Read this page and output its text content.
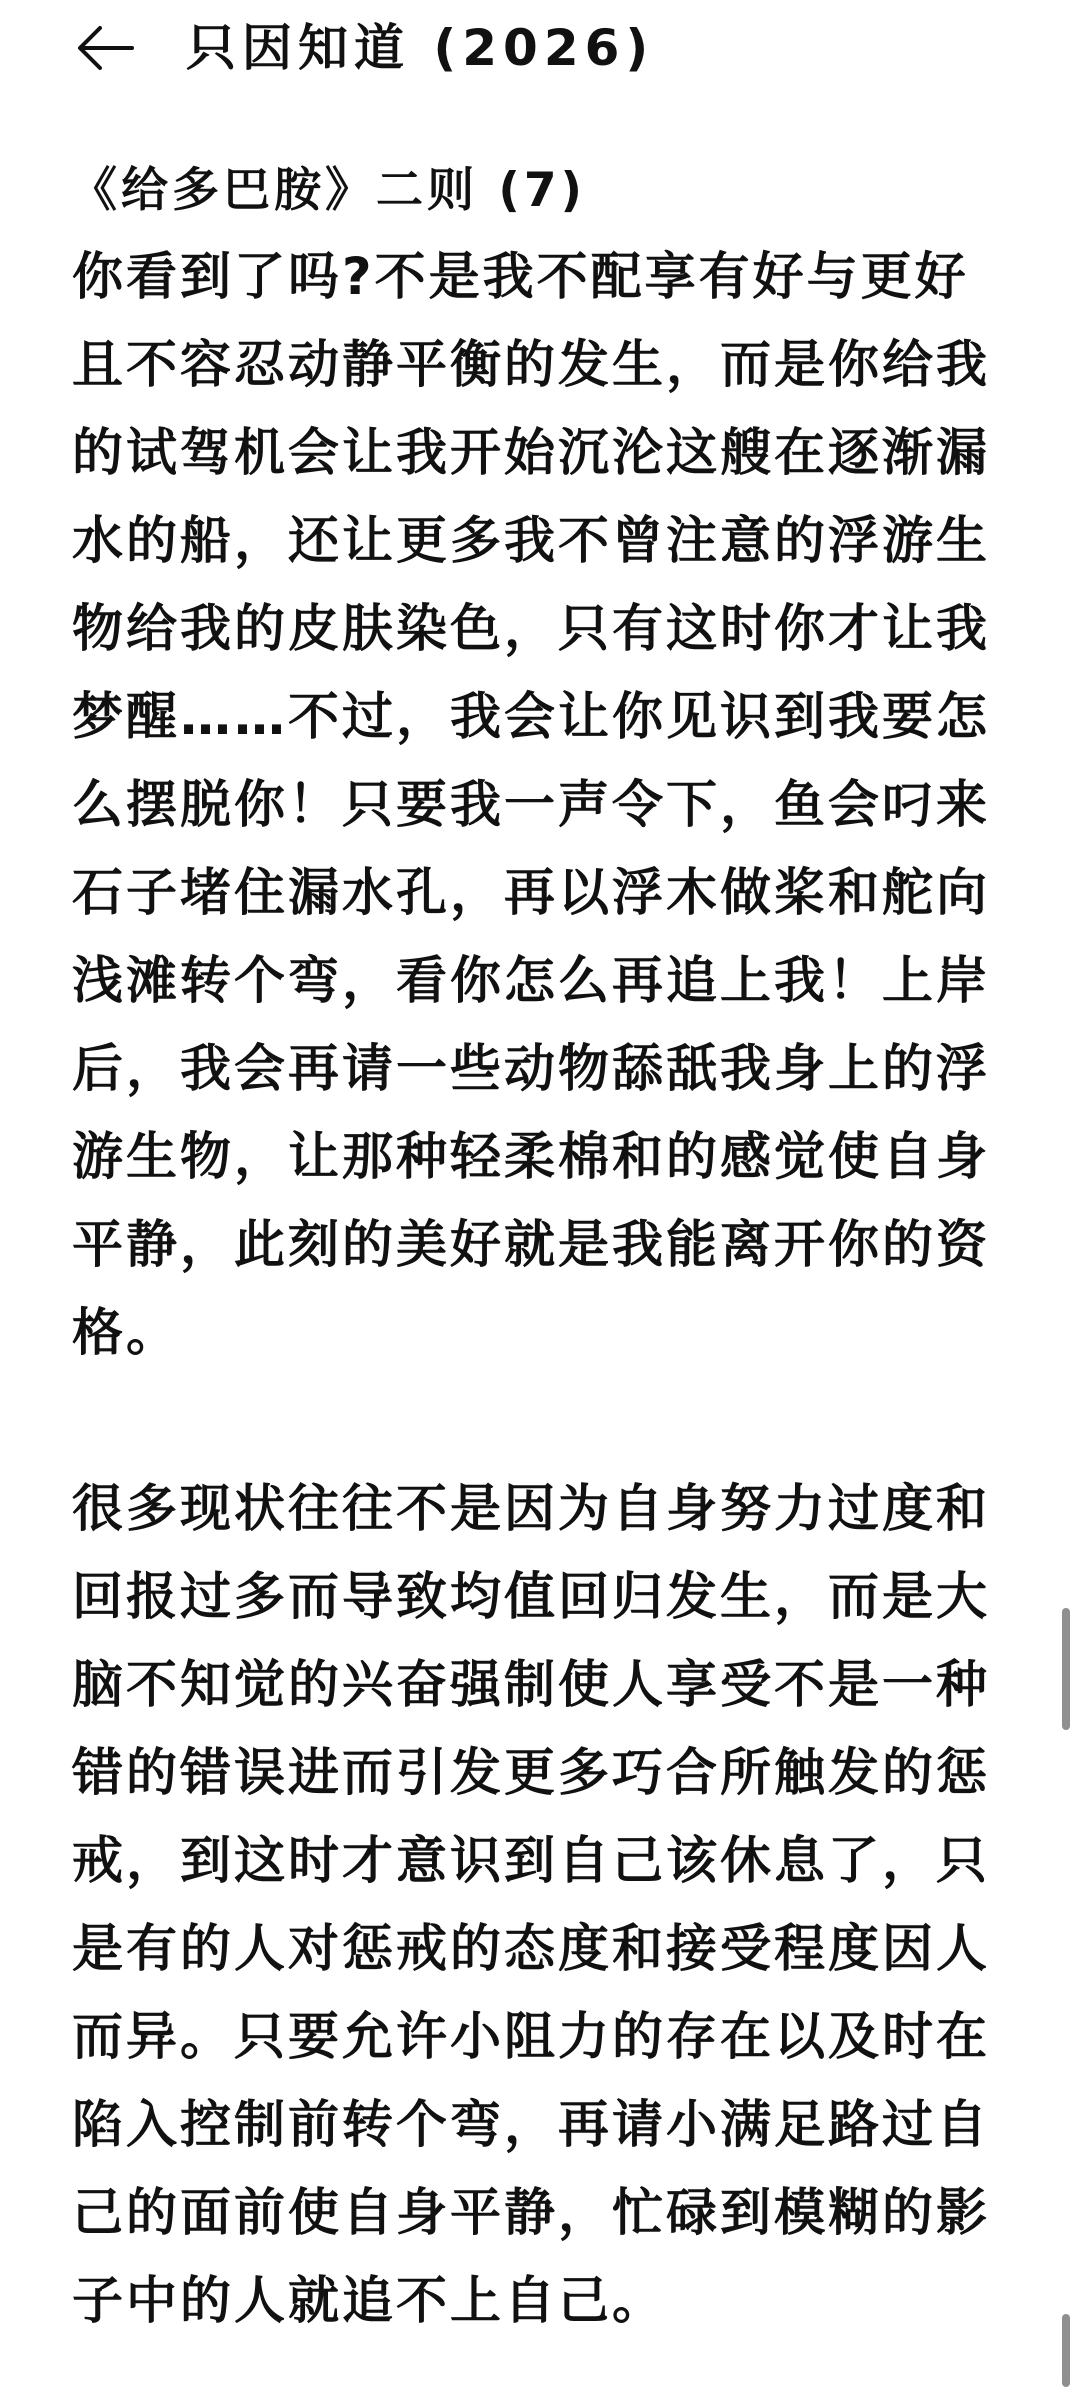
只因知道 (2026)
《给多巴胺》二则 (7)
你看到了吗?不是我不配享有好与更好
且不容忍动静平衡的发生，而是你给我
的试驾机会让我开始沉沦这艘在逐渐漏
水的船，还让更多我不曾注意的浮游生
物给我的皮肤染色，只有这时你才让我
梦醒……不过，我会让你见识到我要怎
么摆脱你！只要我一声令下，鱼会叼来
石子堵住漏水孔，再以浮木做桨和舵向
浅滩转个弯，看你怎么再追上我！上岸
后，我会再请一些动物舔舐我身上的浮
游生物，让那种轻柔棉和的感觉使自身
平静，此刻的美好就是我能离开你的资
格。
很多现状往往不是因为自身努力过度和
回报过多而导致均值回归发生，而是大
脑不知觉的兴奋强制使人享受不是一种
错的错误进而引发更多巧合所触发的惩
戒，到这时才意识到自己该休息了，只
是有的人对惩戒的态度和接受程度因人
而异。只要允许小阻力的存在以及时在
陷入控制前转个弯，再请小满足路过自
己的面前使自身平静，忙碌到模糊的影
子中的人就追不上自己。
